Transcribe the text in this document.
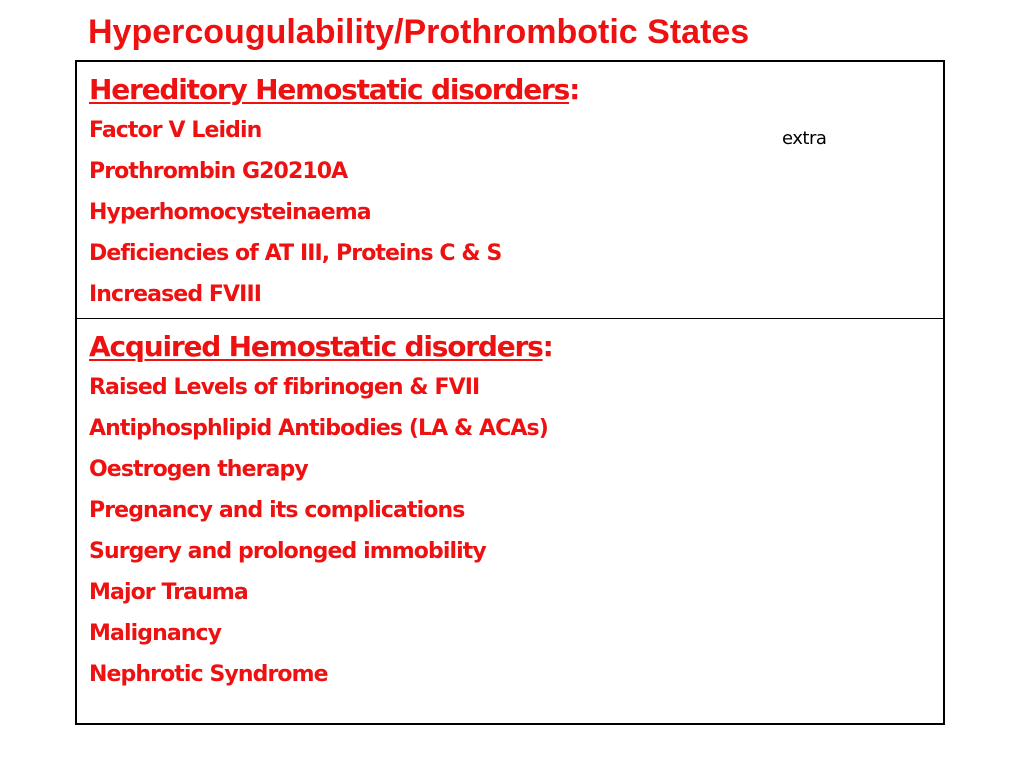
Hypercougulability/Prothrombotic States
Hereditory Hemostatic disorders:
Factor V Leidin
Prothrombin G20210A
Hyperhomocysteinaema
Deficiencies of AT III, Proteins C & S
Increased FVIII
extra
Acquired Hemostatic disorders:
Raised Levels of fibrinogen & FVII
Antiphosphlipid Antibodies (LA & ACAs)
Oestrogen therapy
Pregnancy and its complications
Surgery and prolonged immobility
Major Trauma
Malignancy
Nephrotic Syndrome
